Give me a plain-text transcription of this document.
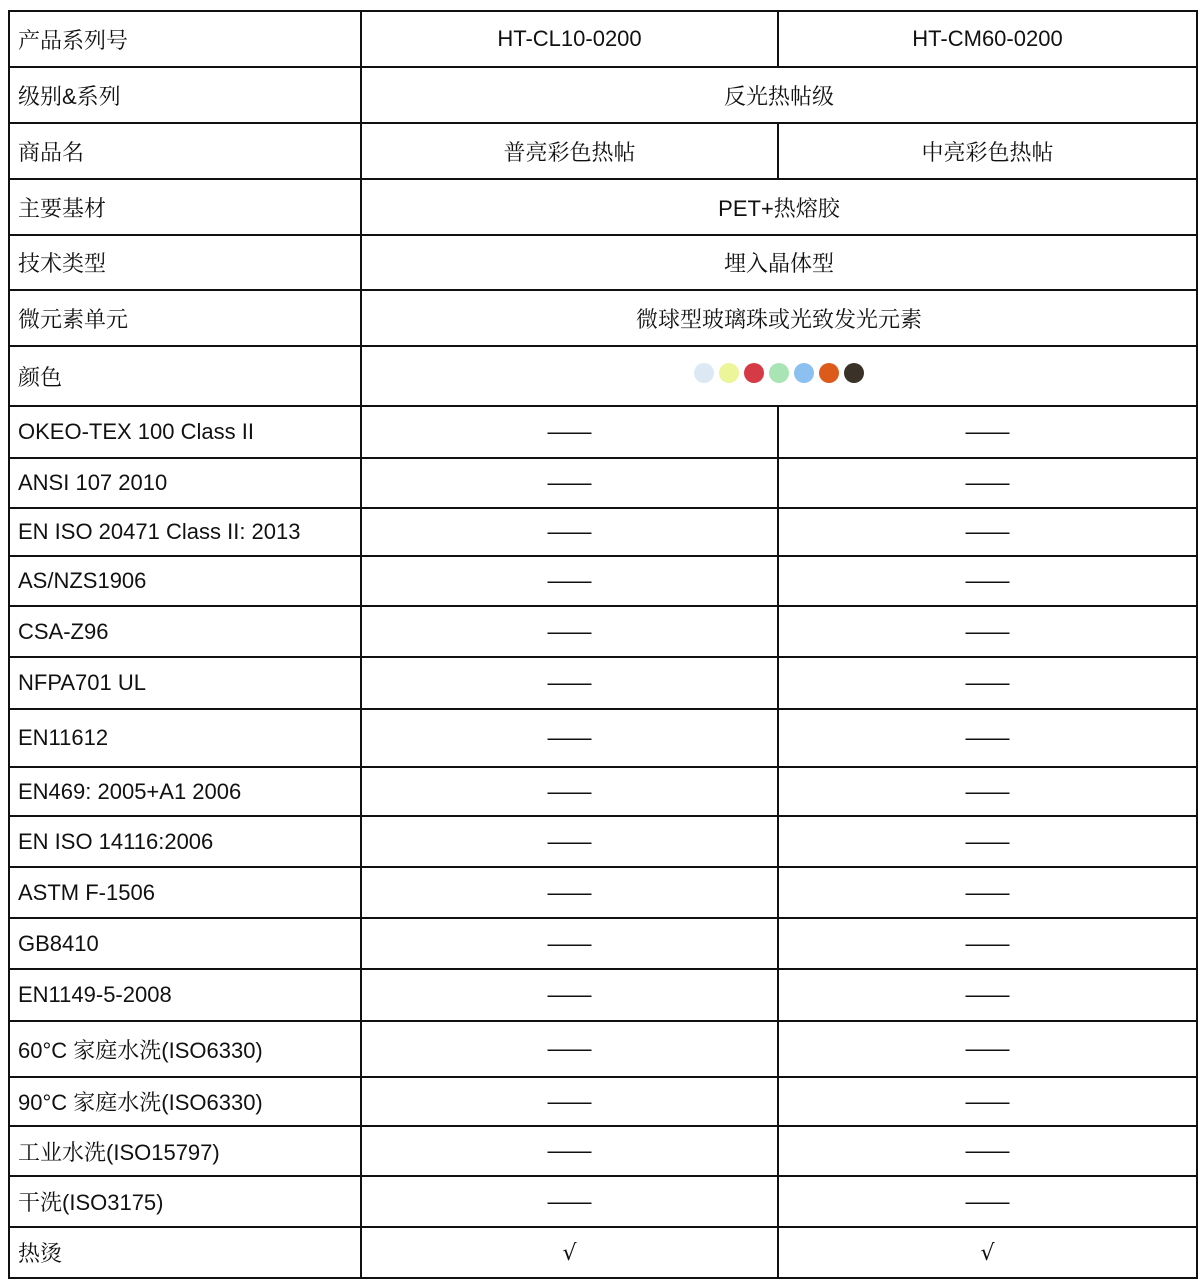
产品系列号	HT-CL10-0200	HT-CM60-0200
级别&系列	反光热帖级	
商品名	普亮彩色热帖	中亮彩色热帖
主要基材	PET+热熔胶	
技术类型	埋入晶体型	
微元素单元	微球型玻璃珠或光致发光元素	
颜色		

OKEO-TEX 100 Class II	——	——
ANSI 107 2010	——	——
EN ISO 20471 Class II: 2013	——	——
AS/NZS1906	——	——
CSA-Z96	——	——
NFPA701 UL	——	——
EN11612	——	——
EN469: 2005+A1 2006	——	——
EN ISO 14116:2006	——	——
ASTM F-1506	——	——
GB8410	——	——
EN1149-5-2008	——	——
60°C 家庭水洗(ISO6330)	——	——
90°C 家庭水洗(ISO6330)	——	——
工业水洗(ISO15797)	——	——
干洗(ISO3175)	——	——
热烫	√	√
